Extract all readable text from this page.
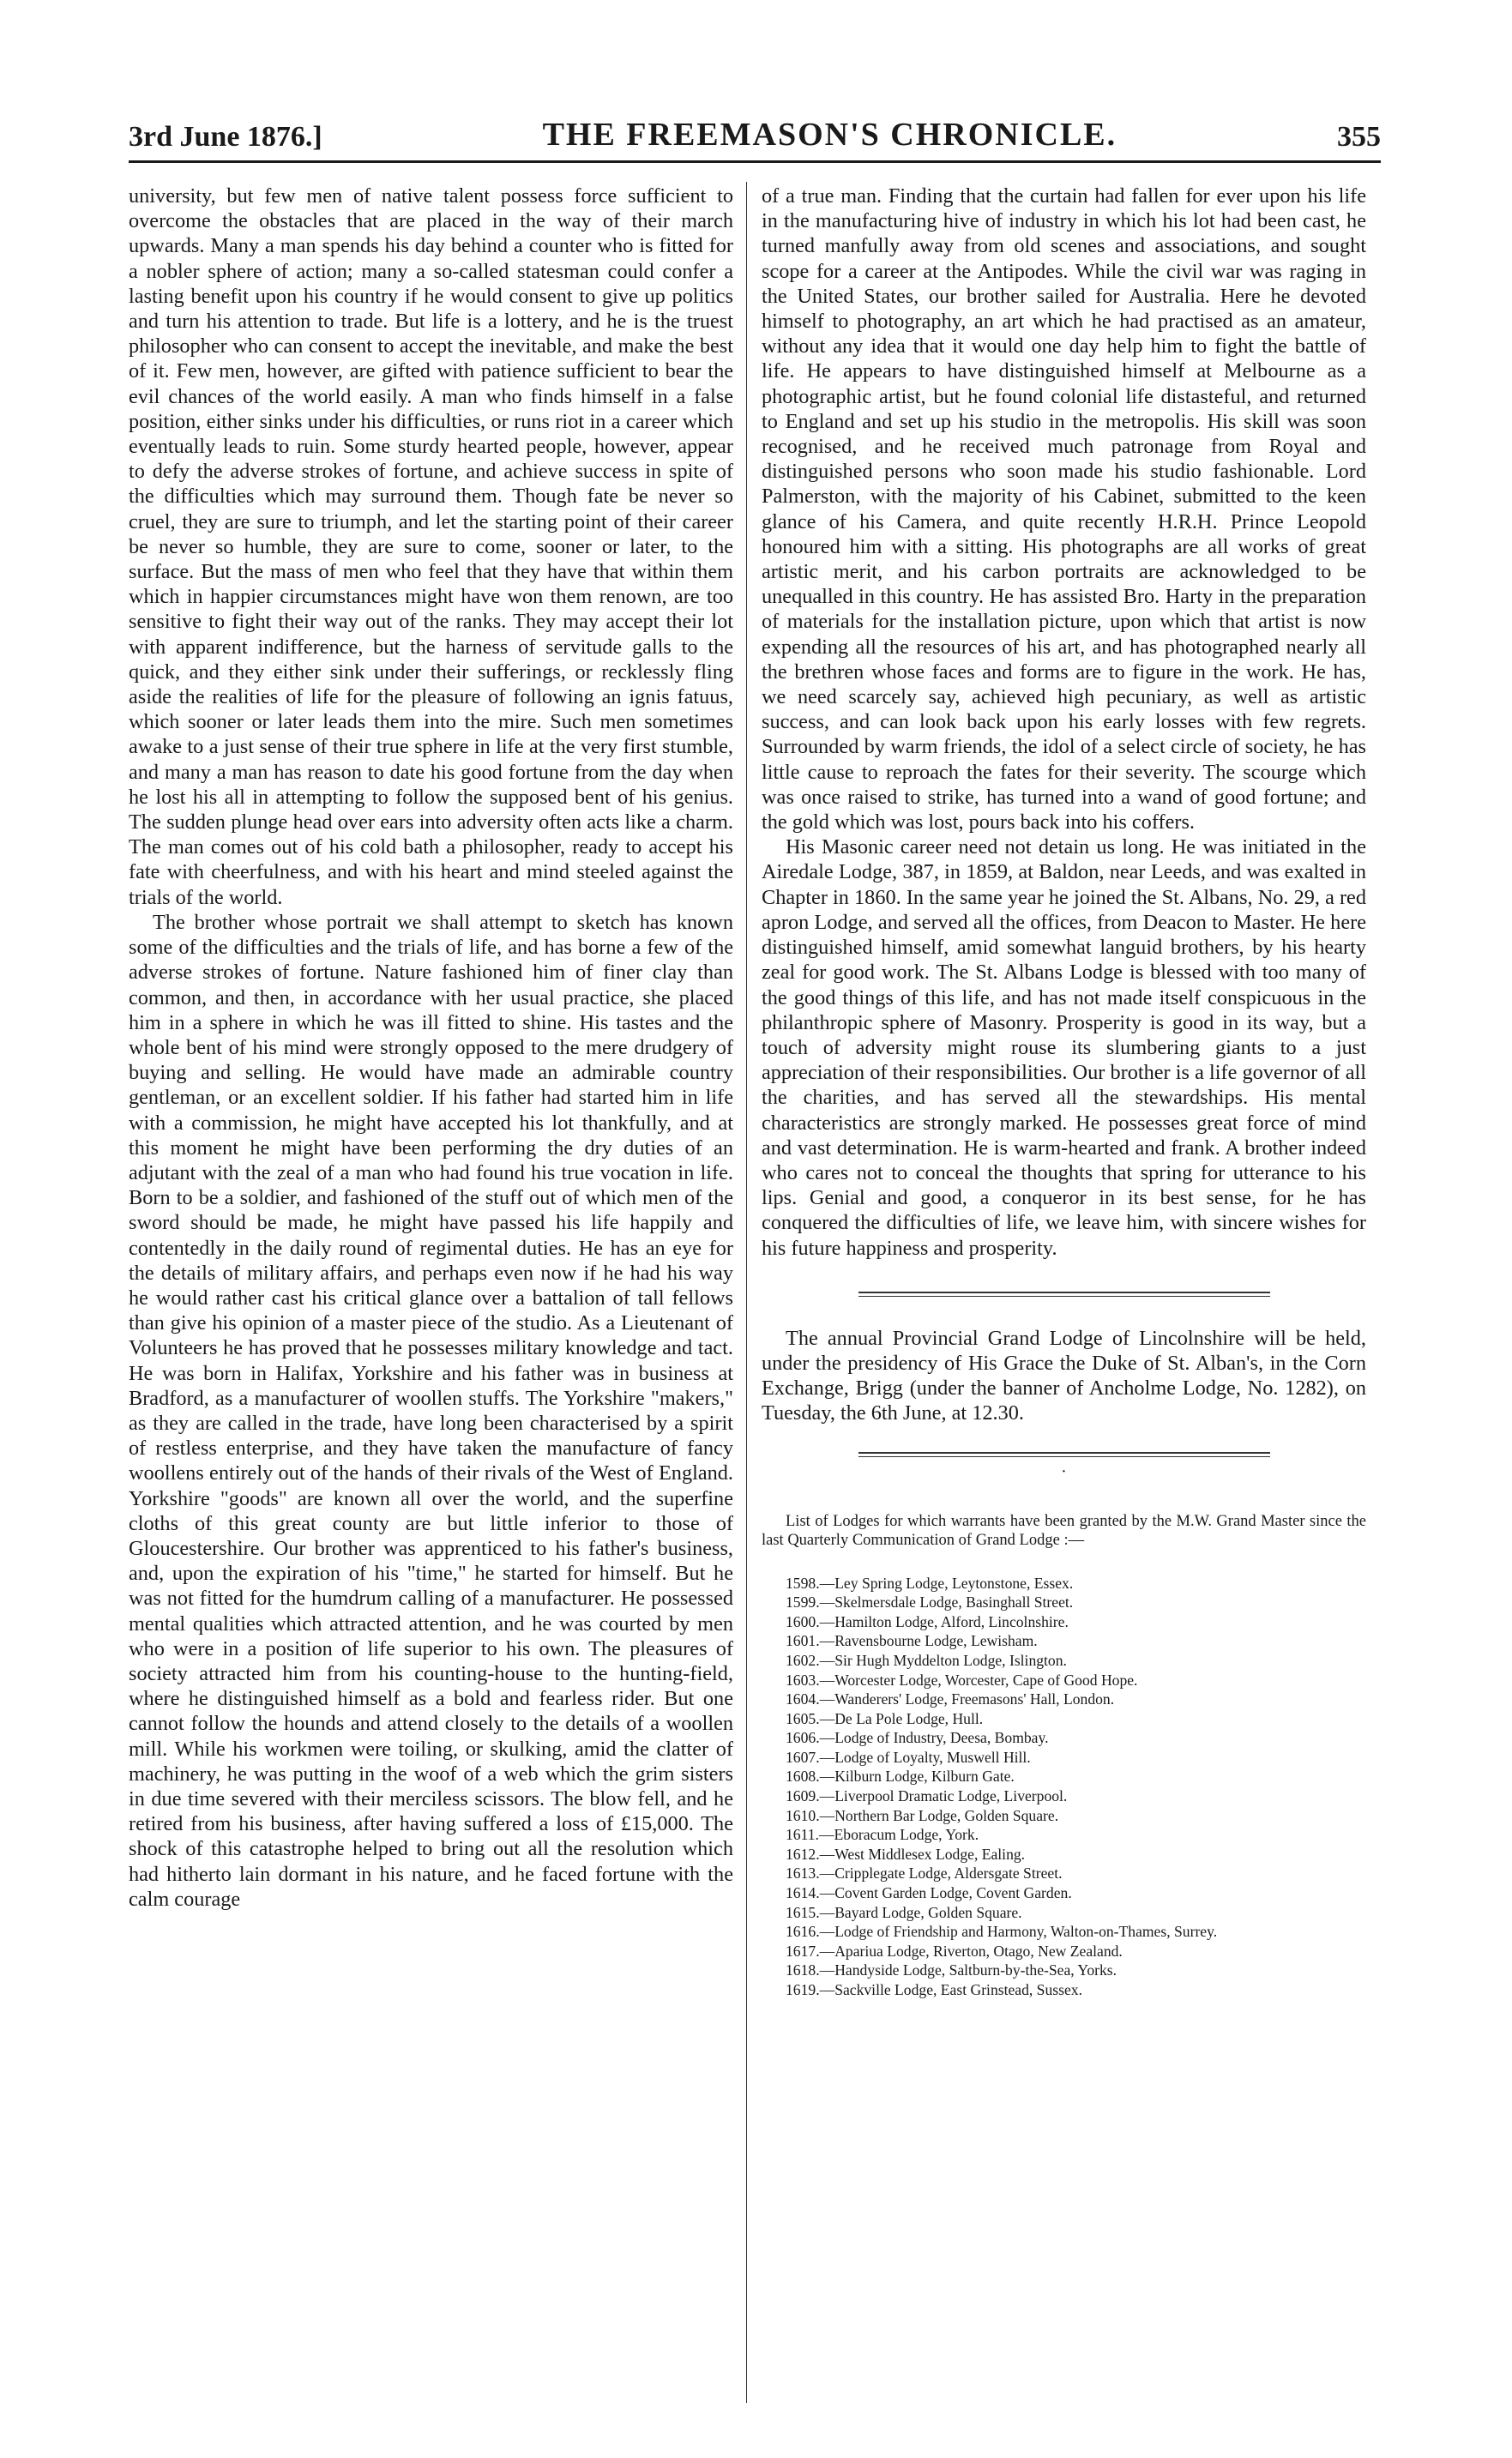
3rd June 1876.]	THE FREEMASON'S CHRONICLE.	355

university, but few men of native talent possess force sufficient to overcome the obstacles that are placed in the way of their march upwards. Many a man spends his day behind a counter who is fitted for a nobler sphere of action; many a so-called statesman could confer a lasting benefit upon his country if he would consent to give up politics and turn his attention to trade. But life is a lottery, and he is the truest philosopher who can consent to accept the inevitable, and make the best of it. Few men, however, are gifted with patience sufficient to bear the evil chances of the world easily. A man who finds himself in a false position, either sinks under his difficulties, or runs riot in a career which eventually leads to ruin. Some sturdy hearted people, however, appear to defy the adverse strokes of fortune, and achieve success in spite of the difficulties which may surround them. Though fate be never so cruel, they are sure to triumph, and let the starting point of their career be never so humble, they are sure to come, sooner or later, to the surface. But the mass of men who feel that they have that within them which in happier circumstances might have won them renown, are too sensitive to fight their way out of the ranks. They may accept their lot with apparent indifference, but the harness of servitude galls to the quick, and they either sink under their sufferings, or recklessly fling aside the realities of life for the pleasure of following an ignis fatuus, which sooner or later leads them into the mire. Such men sometimes awake to a just sense of their true sphere in life at the very first stumble, and many a man has reason to date his good fortune from the day when he lost his all in attempting to follow the supposed bent of his genius. The sudden plunge head over ears into adversity often acts like a charm. The man comes out of his cold bath a philosopher, ready to accept his fate with cheerfulness, and with his heart and mind steeled against the trials of the world.

The brother whose portrait we shall attempt to sketch has known some of the difficulties and the trials of life, and has borne a few of the adverse strokes of fortune. Nature fashioned him of finer clay than common, and then, in accordance with her usual practice, she placed him in a sphere in which he was ill fitted to shine. His tastes and the whole bent of his mind were strongly opposed to the mere drudgery of buying and selling. He would have made an admirable country gentleman, or an excellent soldier. If his father had started him in life with a commission, he might have accepted his lot thankfully, and at this moment he might have been performing the dry duties of an adjutant with the zeal of a man who had found his true vocation in life. Born to be a soldier, and fashioned of the stuff out of which men of the sword should be made, he might have passed his life happily and contentedly in the daily round of regimental duties. He has an eye for the details of military affairs, and perhaps even now if he had his way he would rather cast his critical glance over a battalion of tall fellows than give his opinion of a master piece of the studio. As a Lieutenant of Volunteers he has proved that he possesses military knowledge and tact. He was born in Halifax, Yorkshire and his father was in business at Bradford, as a manufacturer of woollen stuffs. The Yorkshire "makers," as they are called in the trade, have long been characterised by a spirit of restless enterprise, and they have taken the manufacture of fancy woollens entirely out of the hands of their rivals of the West of England. Yorkshire "goods" are known all over the world, and the superfine cloths of this great county are but little inferior to those of Gloucestershire. Our brother was apprenticed to his father's business, and, upon the expiration of his "time," he started for himself. But he was not fitted for the humdrum calling of a manufacturer. He possessed mental qualities which attracted attention, and he was courted by men who were in a position of life superior to his own. The pleasures of society attracted him from his counting-house to the hunting-field, where he distinguished himself as a bold and fearless rider. But one cannot follow the hounds and attend closely to the details of a woollen mill. While his workmen were toiling, or skulking, amid the clatter of machinery, he was putting in the woof of a web which the grim sisters in due time severed with their merciless scissors. The blow fell, and he retired from his business, after having suffered a loss of £15,000. The shock of this catastrophe helped to bring out all the resolution which had hitherto lain dormant in his nature, and he faced fortune with the calm courage

of a true man. Finding that the curtain had fallen for ever upon his life in the manufacturing hive of industry in which his lot had been cast, he turned manfully away from old scenes and associations, and sought scope for a career at the Antipodes. While the civil war was raging in the United States, our brother sailed for Australia. Here he devoted himself to photography, an art which he had practised as an amateur, without any idea that it would one day help him to fight the battle of life. He appears to have distinguished himself at Melbourne as a photographic artist, but he found colonial life distasteful, and returned to England and set up his studio in the metropolis. His skill was soon recognised, and he received much patronage from Royal and distinguished persons who soon made his studio fashionable. Lord Palmerston, with the majority of his Cabinet, submitted to the keen glance of his Camera, and quite recently H.R.H. Prince Leopold honoured him with a sitting. His photographs are all works of great artistic merit, and his carbon portraits are acknowledged to be unequalled in this country. He has assisted Bro. Harty in the preparation of materials for the installation picture, upon which that artist is now expending all the resources of his art, and has photographed nearly all the brethren whose faces and forms are to figure in the work. He has, we need scarcely say, achieved high pecuniary, as well as artistic success, and can look back upon his early losses with few regrets. Surrounded by warm friends, the idol of a select circle of society, he has little cause to reproach the fates for their severity. The scourge which was once raised to strike, has turned into a wand of good fortune; and the gold which was lost, pours back into his coffers.

His Masonic career need not detain us long. He was initiated in the Airedale Lodge, 387, in 1859, at Baldon, near Leeds, and was exalted in Chapter in 1860. In the same year he joined the St. Albans, No. 29, a red apron Lodge, and served all the offices, from Deacon to Master. He here distinguished himself, amid somewhat languid brothers, by his hearty zeal for good work. The St. Albans Lodge is blessed with too many of the good things of this life, and has not made itself conspicuous in the philanthropic sphere of Masonry. Prosperity is good in its way, but a touch of adversity might rouse its slumbering giants to a just appreciation of their responsibilities. Our brother is a life governor of all the charities, and has served all the stewardships. His mental characteristics are strongly marked. He possesses great force of mind and vast determination. He is warm-hearted and frank. A brother indeed who cares not to conceal the thoughts that spring for utterance to his lips. Genial and good, a conqueror in its best sense, for he has conquered the difficulties of life, we leave him, with sincere wishes for his future happiness and prosperity.

The annual Provincial Grand Lodge of Lincolnshire will be held, under the presidency of His Grace the Duke of St. Alban's, in the Corn Exchange, Brigg (under the banner of Ancholme Lodge, No. 1282), on Tuesday, the 6th June, at 12.30.

·

List of Lodges for which warrants have been granted by the M.W. Grand Master since the last Quarterly Communication of Grand Lodge :—

1598. —Ley Spring Lodge, Leytonstone, Essex.
1599. —Skelmersdale Lodge, Basinghall Street.
1600. —Hamilton Lodge, Alford, Lincolnshire.
1601. —Ravensbourne Lodge, Lewisham.
1602. —Sir Hugh Myddelton Lodge, Islington.
1603. —Worcester Lodge, Worcester, Cape of Good Hope.
1604. —Wanderers' Lodge, Freemasons' Hall, London.
1605. —De La Pole Lodge, Hull.
1606. —Lodge of Industry, Deesa, Bombay.
1607. —Lodge of Loyalty, Muswell Hill.
1608. —Kilburn Lodge, Kilburn Gate.
1609. —Liverpool Dramatic Lodge, Liverpool.
1610. —Northern Bar Lodge, Golden Square.
1611. —Eboracum Lodge, York.
1612. —West Middlesex Lodge, Ealing.
1613. —Cripplegate Lodge, Aldersgate Street.
1614. —Covent Garden Lodge, Covent Garden.
1615. —Bayard Lodge, Golden Square.
1616. —Lodge of Friendship and Harmony, Walton-on-Thames, Surrey.
1617. —Apariua Lodge, Riverton, Otago, New Zealand.
1618. —Handyside Lodge, Saltburn-by-the-Sea, Yorks.
1619. —Sackville Lodge, East Grinstead, Sussex.
